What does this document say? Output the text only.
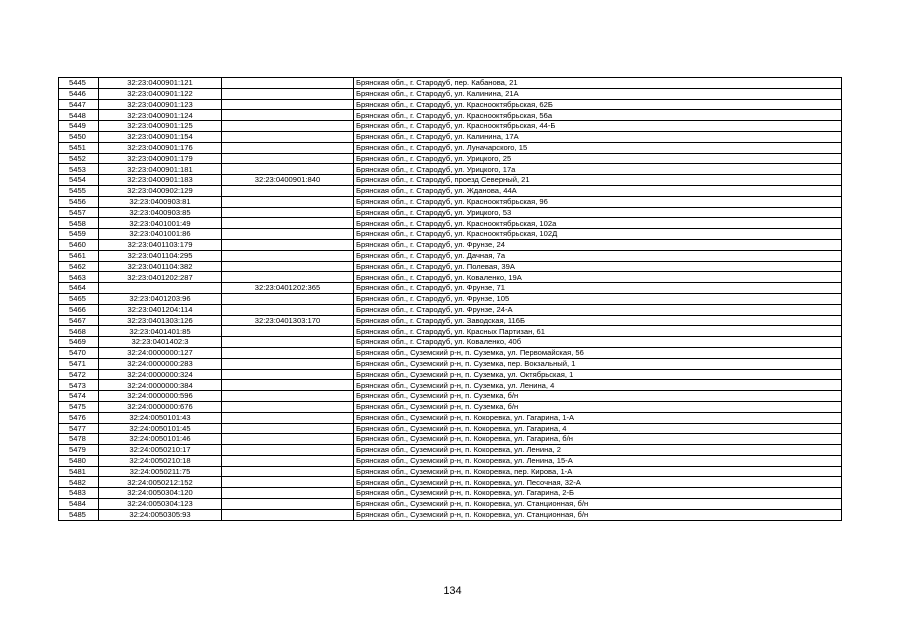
5445	32:23:0400901:121		Брянская обл., г. Стародуб, пер. Кабанова, 21
5446	32:23:0400901:122		Брянская обл., г. Стародуб, ул. Калинина, 21А
5447	32:23:0400901:123		Брянская обл., г. Стародуб, ул. Краснооктябрьская, 62Б
5448	32:23:0400901:124		Брянская обл., г. Стародуб, ул. Краснооктябрьская, 56а
5449	32:23:0400901:125		Брянская обл., г. Стародуб, ул. Краснооктябрьская, 44-Б
5450	32:23:0400901:154		Брянская обл., г. Стародуб, ул. Калинина, 17А
5451	32:23:0400901:176		Брянская обл., г. Стародуб, ул. Луначарского, 15
5452	32:23:0400901:179		Брянская обл., г. Стародуб, ул. Урицкого, 25
5453	32:23:0400901:181		Брянская обл., г. Стародуб, ул. Урицкого, 17а
5454	32:23:0400901:183	32:23:0400901:840	Брянская обл., г. Стародуб, проезд Северный, 21
5455	32:23:0400902:129		Брянская обл., г. Стародуб, ул. Жданова, 44А
5456	32:23:0400903:81		Брянская обл., г. Стародуб, ул. Краснооктябрьская, 96
5457	32:23:0400903:85		Брянская обл., г. Стародуб, ул. Урицкого, 53
5458	32:23:0401001:49		Брянская обл., г. Стародуб, ул. Краснооктябрьская, 102а
5459	32:23:0401001:86		Брянская обл., г. Стародуб, ул. Краснооктябрьская, 102Д
5460	32:23:0401103:179		Брянская обл., г. Стародуб, ул. Фрунзе, 24
5461	32:23:0401104:295		Брянская обл., г. Стародуб, ул. Дачная, 7а
5462	32:23:0401104:382		Брянская обл., г. Стародуб, ул. Полевая, 39А
5463	32:23:0401202:287		Брянская обл., г. Стародуб, ул. Коваленко, 19А
5464		32:23:0401202:365	Брянская обл., г. Стародуб, ул. Фрунзе, 71
5465	32:23:0401203:96		Брянская обл., г. Стародуб, ул. Фрунзе, 105
5466	32:23:0401204:114		Брянская обл., г. Стародуб, ул. Фрунзе, 24-А
5467	32:23:0401303:126	32:23:0401303:170	Брянская обл., г. Стародуб, ул. Заводская, 116Б
5468	32:23:0401401:85		Брянская обл., г. Стародуб, ул. Красных Партизан, 61
5469	32:23:0401402:3		Брянская обл., г. Стародуб, ул. Коваленко, 40б
5470	32:24:0000000:127		Брянская обл., Суземский р-н, п. Суземка, ул. Первомайская, 56
5471	32:24:0000000:283		Брянская обл., Суземский р-н, п. Суземка, пер. Вокзальный, 1
5472	32:24:0000000:324		Брянская обл., Суземский р-н, п. Суземка, ул. Октябрьская, 1
5473	32:24:0000000:384		Брянская обл., Суземский р-н, п. Суземка, ул. Ленина, 4
5474	32:24:0000000:596		Брянская обл., Суземский р-н, п. Суземка, б/н
5475	32:24:0000000:676		Брянская обл., Суземский р-н, п. Суземка, б/н
5476	32:24:0050101:43		Брянская обл., Суземский р-н, п. Кокоревка, ул. Гагарина, 1-А
5477	32:24:0050101:45		Брянская обл., Суземский р-н, п. Кокоревка, ул. Гагарина, 4
5478	32:24:0050101:46		Брянская обл., Суземский р-н, п. Кокоревка, ул. Гагарина, б/н
5479	32:24:0050210:17		Брянская обл., Суземский р-н, п. Кокоревка, ул. Ленина, 2
5480	32:24:0050210:18		Брянская обл., Суземский р-н, п. Кокоревка, ул. Ленина, 15-А
5481	32:24:0050211:75		Брянская обл., Суземский р-н, п. Кокоревка, пер. Кирова, 1-А
5482	32:24:0050212:152		Брянская обл., Суземский р-н, п. Кокоревка, ул. Песочная, 32-А
5483	32:24:0050304:120		Брянская обл., Суземский р-н, п. Кокоревка, ул. Гагарина, 2-Б
5484	32:24:0050304:123		Брянская обл., Суземский р-н, п. Кокоревка, ул. Станционная, б/н
5485	32:24:0050305:93		Брянская обл., Суземский р-н, п. Кокоревка, ул. Станционная, б/н
134
